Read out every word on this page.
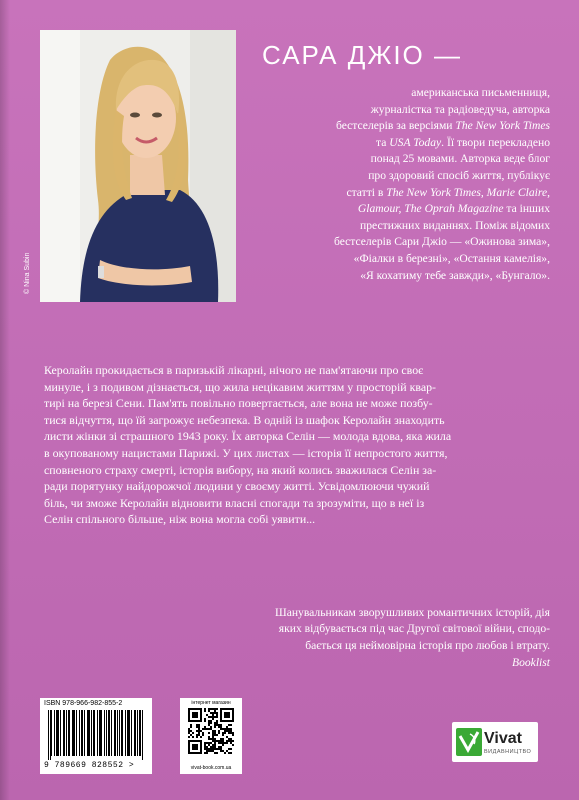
© Nina Subin
САРА ДЖІО —
американська письменниця,
журналістка та радіоведуча, авторка
бестселерів за версіями The New York Times
та USA Today. Її твори перекладено
понад 25 мовами. Авторка веде блог
про здоровий спосіб життя, публікує
статті в The New York Times, Marie Claire,
Glamour, The Oprah Magazine та інших
престижних виданнях. Поміж відомих
бестселерів Сари Джіо — «Ожинова зима»,
«Фіалки в березні», «Остання камелія»,
«Я кохатиму тебе завжди», «Бунгало».
Керолайн прокидається в паризькій лікарні, нічого не пам'ятаючи про своє
минуле, і з подивом дізнається, що жила нецікавим життям у просторій квар-
тирі на березі Сени. Пам'ять повільно повертається, але вона не може позбу-
тися відчуття, що їй загрожує небезпека. В одній із шафок Керолайн знаходить
листи жінки зі страшного 1943 року. Їх авторка Селін — молода вдова, яка жила
в окупованому нацистами Парижі. У цих листах — історія її непростого життя,
сповненого страху смерті, історія вибору, на який колись зважилася Селін за-
ради порятунку найдорожчої людини у своєму житті. Усвідомлюючи чужий
біль, чи зможе Керолайн відновити власні спогади та зрозуміти, що в неї із
Селін спільного більше, ніж вона могла собі уявити...
Шанувальникам зворушливих романтичних історій, дія
яких відбувається під час Другої світової війни, сподо-
бається ця неймовірна історія про любов і втрату.
Booklist
ISBN 978-966-982-855-2
9 789669 828552 >
інтернет магазин
vivat-book.com.ua
Vivat
ВИДАВНИЦТВО
